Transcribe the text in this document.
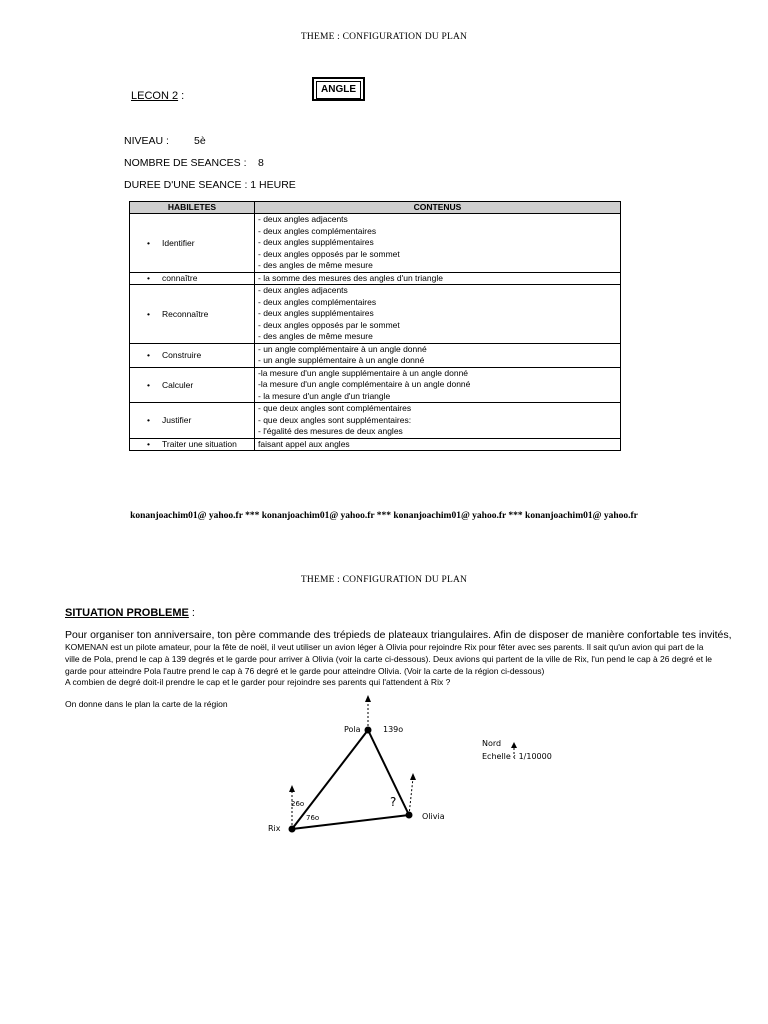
THEME : CONFIGURATION DU PLAN
LECON 2 :
ANGLE
NIVEAU : 5è
NOMBRE DE SEANCES : 8
DUREE D'UNE SEANCE : 1 HEURE
HABILETES	CONTENUS
• Identifier	- deux angles adjacents
- deux angles complémentaires
- deux angles supplémentaires
- deux angles opposés par le sommet
- des angles de même mesure

• connaître	- la somme des mesures des angles d'un triangle

• Reconnaître	- deux angles adjacents
- deux angles complémentaires
- deux angles supplémentaires
- deux angles opposés par le sommet
- des angles de même mesure

• Construire	- un angle complémentaire à un angle donné
- un angle supplémentaire à un angle donné

• Calculer	-la mesure d'un angle supplémentaire à un angle donné
-la mesure d'un angle complémentaire à un angle donné
- la mesure d'un angle d'un triangle

• Justifier	- que deux angles sont complémentaires
- que deux angles sont supplémentaires:
- l'égalité des mesures de deux angles

• Traiter une situation	faisant appel aux angles
konanjoachim01@ yahoo.fr *** konanjoachim01@ yahoo.fr *** konanjoachim01@ yahoo.fr *** konanjoachim01@ yahoo.fr
THEME : CONFIGURATION DU PLAN
SITUATION PROBLEME :
Pour organiser ton anniversaire, ton père commande des trépieds de plateaux triangulaires. Afin de disposer de manière confortable tes invités,
KOMENAN est un pilote amateur, pour la fête de noël, il veut utiliser un avion léger à Olivia pour rejoindre Rix pour fêter avec ses parents. Il sait qu'un avion qui part de la
ville de Pola, prend le cap à 139 degrés et le garde pour arriver à Olivia (voir la carte ci-dessous). Deux avions qui partent de la ville de Rix, l'un pend le cap à 26 degré et le
garde pour atteindre Pola l'autre prend le cap à 76 degré et le garde pour atteindre Olivia. (Voir la carte de la région ci-dessous)
A combien de degré doit-il prendre le cap et le garder pour rejoindre ses parents qui l'attendent à Rix ?
On donne dans le plan la carte de la région
Pola	139o
Nord
Echelle : 1/10000
Rix
26o
76o
?
Olivia
